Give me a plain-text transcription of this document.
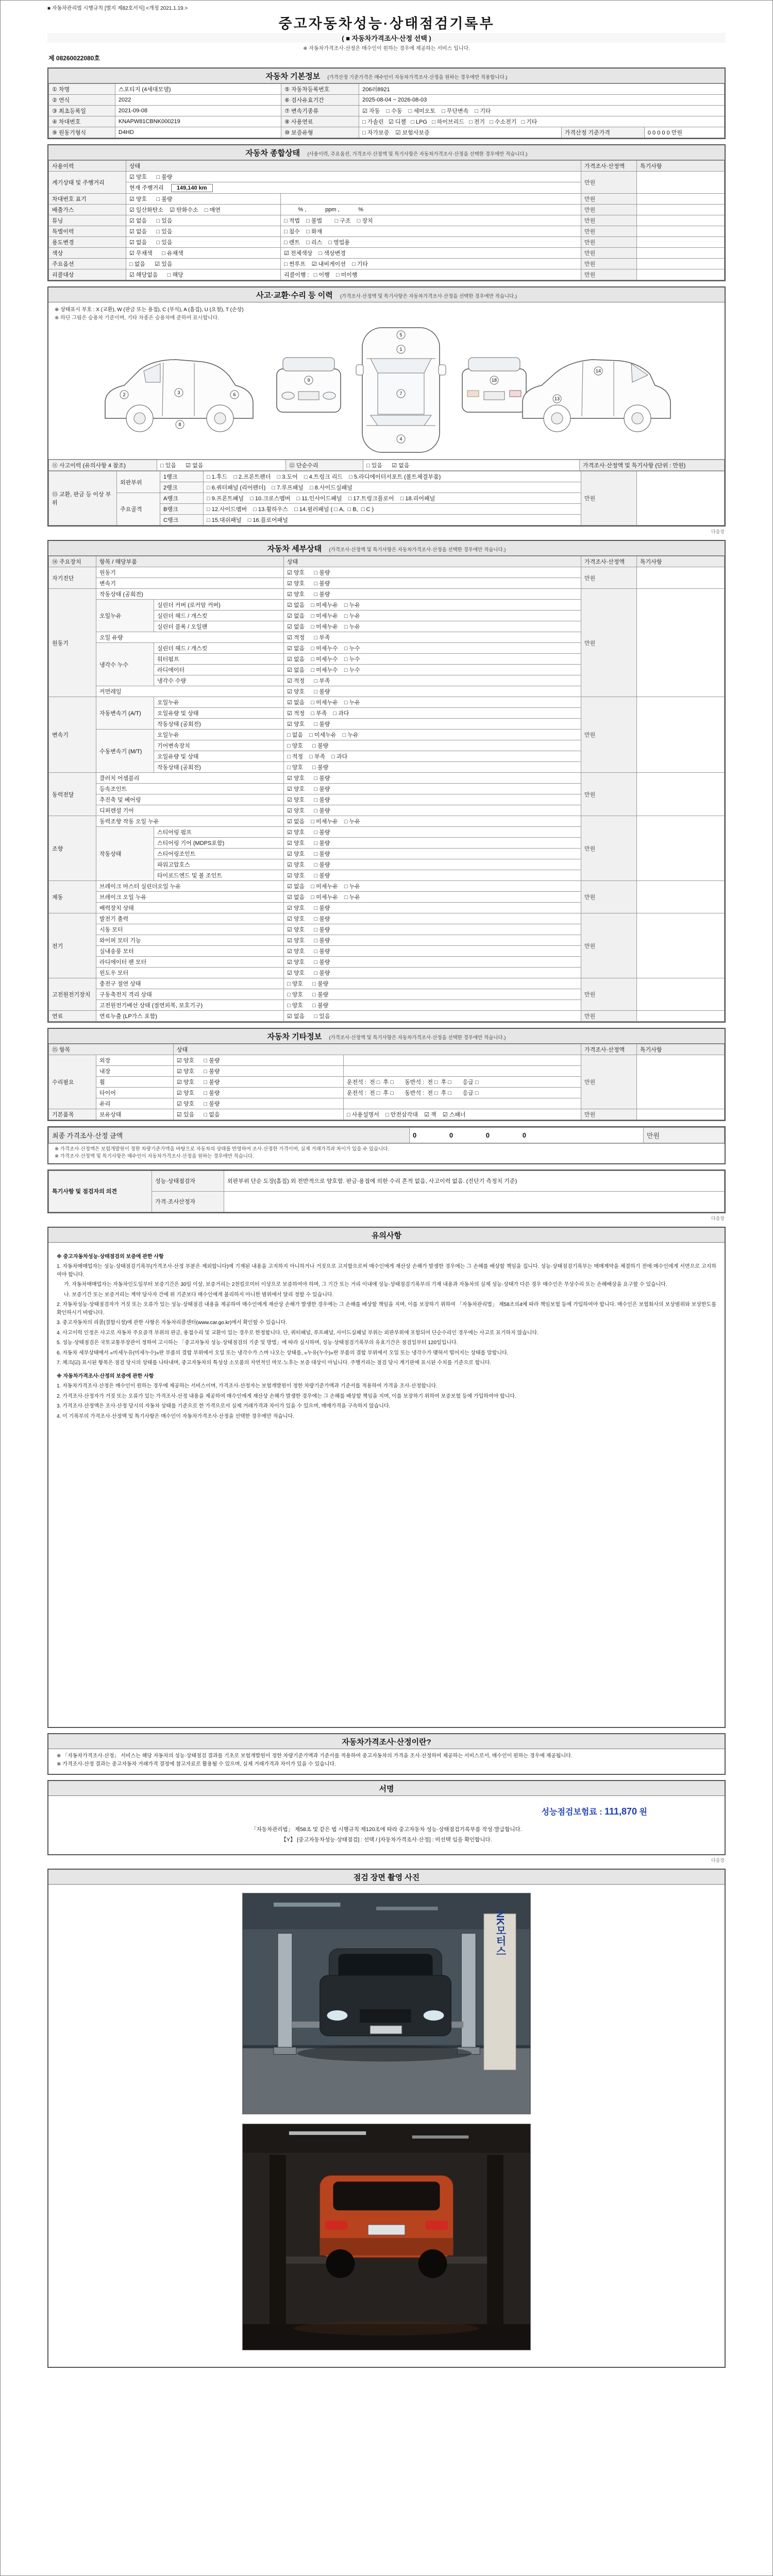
■ 자동차관리법 시행규칙 [별지 제82호서식] <개정 2021.1.19.>
중고자동차성능·상태점검기록부
( ■ 자동차가격조사·산정 선택 )
※ 자동차가격조사·산정은 매수인이 원하는 경우에 제공하는 서비스 입니다.
제 08260022080호
자동차 기본정보 (가격산정 기준가격은 매수인이 자동차가격조사·산정을 원하는 경우에만 적용합니다.)
① 차명	스포티지 (4세대모델)	⑤ 자동차등록번호	206러8921		
② 연식	2022	⑥ 검사유효기간	2025-08-04 ~ 2026-08-03		
③ 최초등록일	2021-09-08	⑦ 변속기종류	☑ 자동    □ 수동    □ 세미오토    □ 무단변속    □ 기타		
④ 차대번호	KNAPW81CBNK000219	⑧ 사용연료	□ 가솔린   ☑ 디젤   □ LPG   □ 하이브리드   □ 전기   □ 수소전기   □ 기타		
⑨ 원동기형식	D4HD	⑩ 보증유형	□ 자가보증    ☑ 보험사보증	가격산정 기준가격	0 0 0 0 0 만원
자동차 종합상태 (사용이력, 주요옵션, 가격조사·산정액 및 특기사항은 자동차가격조사·산정을 선택한 경우에만 적습니다.)
사용이력	상태		가격조사·산정액	특기사항
계기상태 및 주행거리	☑ 양호      □ 불량		만원	
	현재 주행거리 149,140 km			
차대번호 표기	☑ 양호      □ 불량		만원	
배출가스	☑ 일산화탄소    ☑ 탄화수소    □ 매연	% ,            ppm ,            %	만원	
튜닝	☑ 없음      □ 있음	□ 적법    □ 불법        □ 구조    □ 장치	만원	
특별이력	☑ 없음      □ 있음	□ 침수    □ 화재	만원	
용도변경	☑ 없음      □ 있음	□ 렌트    □ 리스    □ 영업용	만원	
색상	☑ 무채색      □ 유채색	☑ 전체색상    □ 색상변경	만원	
주요옵션	□ 없음      ☑ 있음	□ 썬루프    ☑ 내비게이션    □ 기타	만원	
리콜대상	☑ 해당없음      □ 해당	리콜이행 :   □ 이행    □ 미이행	만원	
사고·교환·수리 등 이력 (가격조사·산정액 및 특기사항은 자동차가격조사·산정을 선택한 경우에만 적습니다.)
※ 상태표시 부호 : X (교환), W (판금 또는 용접), C (부식), A (흠집), U (요철), T (손상)
※ 하단 그림은 승용차 기준이며, 기타 차종은 승용차에 준하여 표시합니다.
2	3	6
8
9
5
1
7
4
18
13
14
⑪ 사고이력 (유의사항 4 참조)	□ 있음      ☑ 없음	⑫ 단순수리	□ 있음      ☑ 없음	가격조사·산정액 및 특기사항 (단위 : 만원)
⑬ 교환, 판금 등 이상 부위	외판부위	1랭크	□ 1.후드    □ 2.프론트펜더    □ 3.도어    □ 4.트렁크 리드    □ 5.라디에이터서포트 (볼트체결부품)	만원	
		2랭크	□ 6.쿼터패널 (리어펜더)    □ 7.루프패널    □ 8.사이드실패널		
	주요골격	A랭크	□ 9.프론트패널    □ 10.크로스멤버    □ 11.인사이드패널    □ 17.트렁크플로어    □ 18.리어패널		
		B랭크	□ 12.사이드멤버    □ 13.휠하우스    □ 14.필러패널 ( □ A,  □ B,  □ C )		
		C랭크	□ 15.대쉬패널    □ 16.플로어패널		
다음장
자동차 세부상태 (가격조사·산정액 및 특기사항은 자동차가격조사·산정을 선택한 경우에만 적습니다.)
⑭ 주요장치	항목 / 해당부품		상태	가격조사·산정액	특기사항
자기진단	원동기		☑ 양호      □ 불량	만원	
	변속기		☑ 양호      □ 불량		
원동기	작동상태 (공회전)		☑ 양호      □ 불량	만원	
	오일누유	실린더 커버 (로커암 커버)	☑ 없음    □ 미세누유    □ 누유		
		실린더 헤드 / 개스킷	☑ 없음    □ 미세누유    □ 누유		
		실린더 블록 / 오일팬	☑ 없음    □ 미세누유    □ 누유		
	오일 유량		☑ 적정      □ 부족		
	냉각수 누수	실린더 헤드 / 개스킷	☑ 없음    □ 미세누수    □ 누수		
		워터펌프	☑ 없음    □ 미세누수    □ 누수		
		라디에이터	☑ 없음    □ 미세누수    □ 누수		
		냉각수 수량	☑ 적정      □ 부족		
	커먼레일		☑ 양호      □ 불량		
변속기	자동변속기 (A/T)	오일누유	☑ 없음    □ 미세누유    □ 누유	만원	
		오일유량 및 상태	☑ 적정    □ 부족    □ 과다		
		작동상태 (공회전)	☑ 양호      □ 불량		
	수동변속기 (M/T)	오일누유	□ 없음    □ 미세누유    □ 누유		
		기어변속장치	□ 양호      □ 불량		
		오일유량 및 상태	□ 적정    □ 부족    □ 과다		
		작동상태 (공회전)	□ 양호      □ 불량		
동력전달	클러치 어셈블리		☑ 양호      □ 불량	만원	
	등속조인트		☑ 양호      □ 불량		
	추진축 및 베어링		☑ 양호      □ 불량		
	디퍼렌셜 기어		☑ 양호      □ 불량		
조향	동력조향 작동 오일 누유		☑ 없음    □ 미세누유    □ 누유	만원	
	작동상태	스티어링 펌프	☑ 양호      □ 불량		
		스티어링 기어 (MDPS포함)	☑ 양호      □ 불량		
		스티어링조인트	☑ 양호      □ 불량		
		파워고압호스	☑ 양호      □ 불량		
		타이로드엔드 및 볼 조인트	☑ 양호      □ 불량		
제동	브레이크 마스터 실린더오일 누유		☑ 없음    □ 미세누유    □ 누유	만원	
	브레이크 오일 누유		☑ 없음    □ 미세누유    □ 누유		
	배력장치 상태		☑ 양호      □ 불량		
전기	발전기 출력		☑ 양호      □ 불량	만원	
	시동 모터		☑ 양호      □ 불량		
	와이퍼 모터 기능		☑ 양호      □ 불량		
	실내송풍 모터		☑ 양호      □ 불량		
	라디에이터 팬 모터		☑ 양호      □ 불량		
	윈도우 모터		☑ 양호      □ 불량		
고전원전기장치	충전구 절연 상태		□ 양호      □ 불량	만원	
	구동축전지 격리 상태		□ 양호      □ 불량		
	고전원전기배선 상태 (절연피복, 보호기구)		□ 양호      □ 불량		
연료	연료누출 (LP가스 포함)		☑ 없음      □ 있음	만원	
자동차 기타정보 (가격조사·산정액 및 특기사항은 자동차가격조사·산정을 선택한 경우에만 적습니다.)
⑮ 항목		상태		가격조사·산정액	특기사항
수리필요	외장	☑ 양호      □ 불량		만원	
	내장	☑ 양호      □ 불량			
	휠	☑ 양호      □ 불량	운전석 :  전 □  후 □       동반석 :  전 □  후 □       응급 □		
	타이어	☑ 양호      □ 불량	운전석 :  전 □  후 □       동반석 :  전 □  후 □       응급 □		
	유리	☑ 양호      □ 불량			
기본품목	보유상태	☑ 있음      □ 없음	□ 사용설명서    □ 안전삼각대    ☑ 잭    ☑ 스패너	만원	
최종 가격조사·산정 금액	0      0      0      0	만원
※ 가격조사·산정액은 보험개발원이 정한 차량기준가액을 바탕으로 자동차의 상태를 반영하여 조사·산정한 가격이며, 실제 거래가격과 차이가 있을 수 있습니다.
※ 가격조사·산정액 및 특기사항은 매수인이 자동차가격조사·산정을 원하는 경우에만 적습니다.
특기사항 및 점검자의 의견	성능·상태점검자	외판부위 단순 도장(흠집) 외 전반적으로 양호함. 판금·용접에 의한 수리 흔적 없음, 사고이력 없음. (진단기 측정치 기준)
	가격·조사산정자	
다음장
유의사항

※ 중고자동차성능·상태점검의 보증에 관한 사항

1. 자동차매매업자는 성능·상태점검기록부(가격조사·산정 부분은 제외합니다)에 기재된 내용을 고지하지 아니하거나 거짓으로 고지함으로써 매수인에게 재산상 손해가 발생한 경우에는 그 손해를 배상할 책임을 집니다. 성능·상태점검기록부는 매매계약을 체결하기 전에 매수인에게 서면으로 고지하여야 합니다.

가. 자동차매매업자는 자동차인도일부터 보증기간은 30일 이상, 보증거리는 2천킬로미터 이상으로 보증하여야 하며, 그 기간 또는 거리 이내에 성능·상태점검기록부의 기재 내용과 자동차의 실제 성능·상태가 다른 경우 매수인은 무상수리 또는 손해배상을 요구할 수 있습니다.

나. 보증기간 또는 보증거리는 계약 당사자 간에 위 기준보다 매수인에게 불리하지 아니한 범위에서 달리 정할 수 있습니다.

2. 자동차성능·상태점검자가 거짓 또는 오류가 있는 성능·상태점검 내용을 제공하여 매수인에게 재산상 손해가 발생한 경우에는 그 손해를 배상할 책임을 지며, 이를 보장하기 위하여 「자동차관리법」 제58조의4에 따라 책임보험 등에 가입하여야 합니다. 매수인은 보험회사의 보상범위와 보상한도를 확인하시기 바랍니다.

3. 중고자동차의 리콜(결함시정)에 관한 사항은 자동차리콜센터(www.car.go.kr)에서 확인할 수 있습니다.

4. 사고이력 인정은 사고로 자동차 주요골격 부위의 판금, 용접수리 및 교환이 있는 경우로 한정합니다. 단, 쿼터패널, 루프패널, 사이드실패널 부위는 외판부위에 포함되어 단순수리인 경우에는 사고로 표기하지 않습니다.

5. 성능·상태점검은 국토교통부장관이 정하여 고시하는 「중고자동차 성능·상태점검의 기준 및 방법」에 따라 실시하며, 성능·상태점검기록부의 유효기간은 점검일부터 120일입니다.

6. 자동차 세부상태에서 «미세누유(미세누수)»란 부품의 결합 부위에서 오일 또는 냉각수가 스며 나오는 상태를, «누유(누수)»란 부품의 결합 부위에서 오일 또는 냉각수가 맺혀서 떨어지는 상태를 말합니다.

7. 체크(☑) 표시된 항목은 점검 당시의 상태를 나타내며, 중고자동차의 특성상 소모품의 자연적인 마모·노후는 보증 대상이 아닙니다. 주행거리는 점검 당시 계기판에 표시된 수치를 기준으로 합니다.

※ 자동차가격조사·산정의 보증에 관한 사항

1. 자동차가격조사·산정은 매수인이 원하는 경우에 제공하는 서비스이며, 가격조사·산정자는 보험개발원이 정한 차량기준가액과 기준서를 적용하여 가격을 조사·산정합니다.

2. 가격조사·산정자가 거짓 또는 오류가 있는 가격조사·산정 내용을 제공하여 매수인에게 재산상 손해가 발생한 경우에는 그 손해를 배상할 책임을 지며, 이를 보장하기 위하여 보증보험 등에 가입하여야 합니다.

3. 가격조사·산정액은 조사·산정 당시의 자동차 상태를 기준으로 한 가격으로서 실제 거래가격과 차이가 있을 수 있으며, 매매가격을 구속하지 않습니다.

4. 이 기록부의 가격조사·산정액 및 특기사항은 매수인이 자동차가격조사·산정을 선택한 경우에만 적습니다.

자동차가격조사·산정이란?
※ 「자동차가격조사·산정」 서비스는 해당 자동차의 성능·상태점검 결과를 기초로 보험개발원이 정한 차량기준가액과 기준서를 적용하여 중고자동차의 가격을 조사·산정하여 제공하는 서비스로서, 매수인이 원하는 경우에 제공됩니다.
※ 가격조사·산정 결과는 중고자동차 거래가격 결정에 참고자료로 활용될 수 있으며, 실제 거래가격과 차이가 있을 수 있습니다.
서명
성능점검보험료 : 111,870 원

「자동차관리법」 제58조 및 같은 법 시행규칙 제120조에 따라 중고자동차 성능·상태점검기록부를 작성·발급합니다.

【Y】 [중고자동차성능·상태점검] : 선택 / [자동차가격조사·산정] : 미선택 임을 확인합니다.

다음장
점검 장면 촬영 사진
NK모터스
